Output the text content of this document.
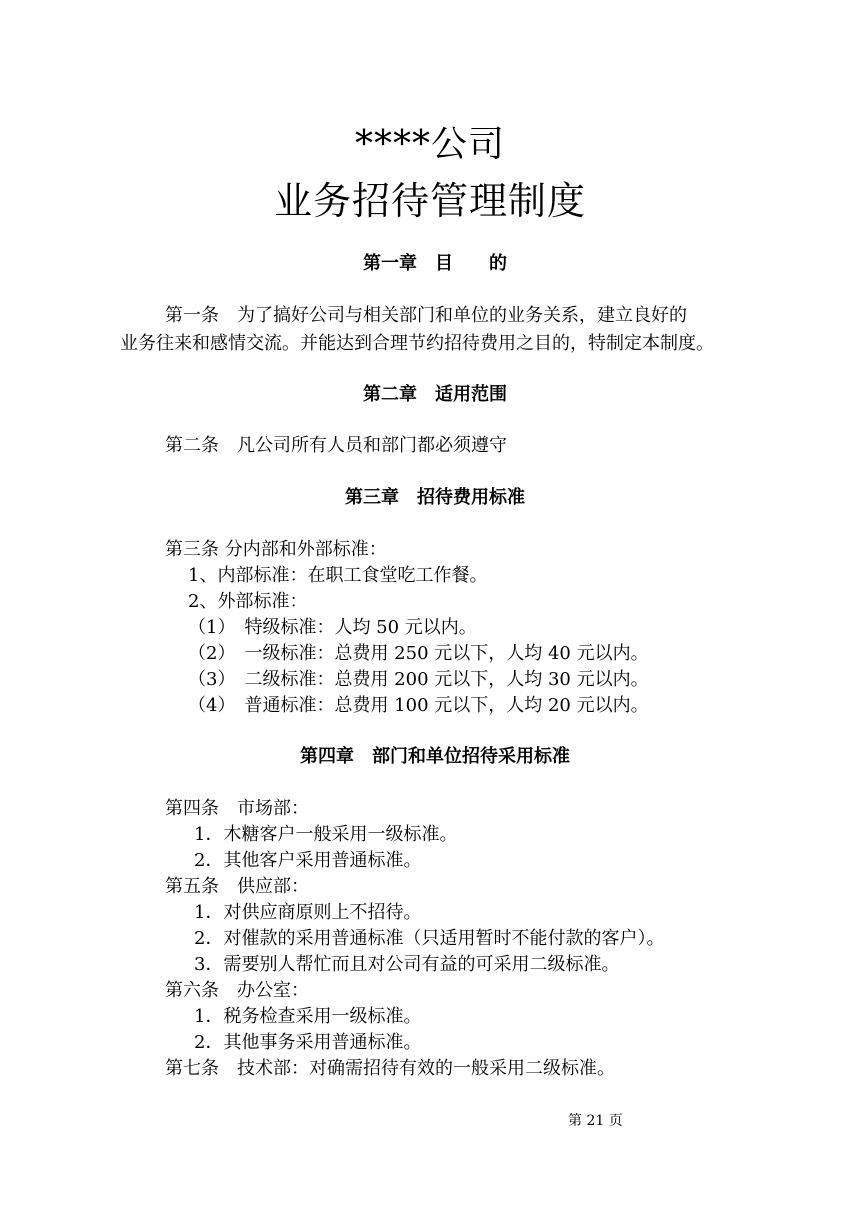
****公司
业务招待管理制度
第一章　目　　的
第一条　为了搞好公司与相关部门和单位的业务关系，建立良好的
业务往来和感情交流。并能达到合理节约招待费用之目的，特制定本制度。
第二章　适用范围
第二条　凡公司所有人员和部门都必须遵守
第三章　招待费用标准
第三条 分内部和外部标准：
1、内部标准：在职工食堂吃工作餐。
2、外部标准：
（1）　特级标准：人均 50 元以内。
（2）　一级标准：总费用 250 元以下，人均 40 元以内。
（3）　二级标准：总费用 200 元以下，人均 30 元以内。
（4）　普通标准：总费用 100 元以下，人均 20 元以内。
第四章　部门和单位招待采用标准
第四条　市场部：
1．木糖客户一般采用一级标准。
2．其他客户采用普通标准。
第五条　供应部：
1．对供应商原则上不招待。
2．对催款的采用普通标准（只适用暂时不能付款的客户）。
3．需要别人帮忙而且对公司有益的可采用二级标准。
第六条　办公室：
1．税务检查采用一级标准。
2．其他事务采用普通标准。
第七条　技术部：对确需招待有效的一般采用二级标准。
第 21 页
